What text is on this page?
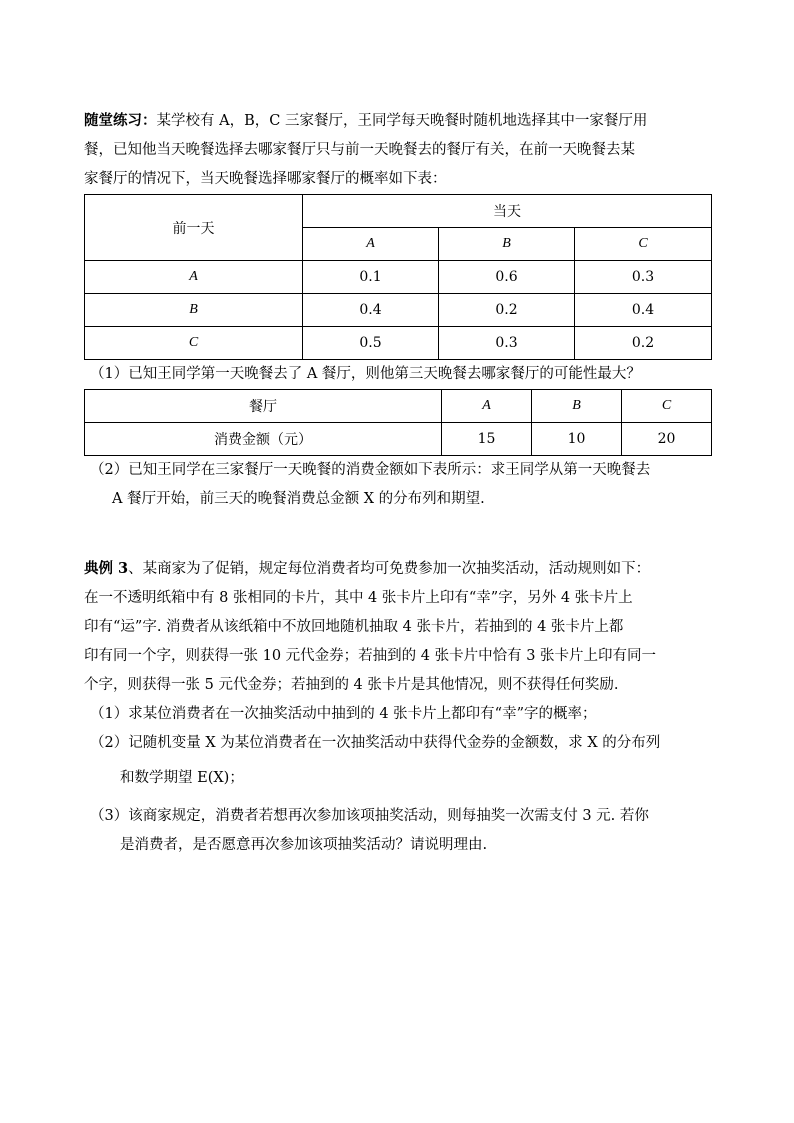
随堂练习：某学校有 A，B，C 三家餐厅，王同学每天晚餐时随机地选择其中一家餐厅用

餐，已知他当天晚餐选择去哪家餐厅只与前一天晚餐去的餐厅有关，在前一天晚餐去某

家餐厅的情况下，当天晚餐选择哪家餐厅的概率如下表：

前一天	当天		
	A	B	C
A	0.1	0.6	0.3
B	0.4	0.2	0.4
C	0.5	0.3	0.2

（1）已知王同学第一天晚餐去了 A 餐厅，则他第三天晚餐去哪家餐厅的可能性最大？

餐厅	A	B	C
消费金额（元）	15	10	20

（2）已知王同学在三家餐厅一天晚餐的消费金额如下表所示：求王同学从第一天晚餐去

A 餐厅开始，前三天的晚餐消费总金额 X 的分布列和期望.

典例 3、某商家为了促销，规定每位消费者均可免费参加一次抽奖活动，活动规则如下：

在一不透明纸箱中有 8 张相同的卡片，其中 4 张卡片上印有“幸”字，另外 4 张卡片上

印有“运”字. 消费者从该纸箱中不放回地随机抽取 4 张卡片，若抽到的 4 张卡片上都

印有同一个字，则获得一张 10 元代金券；若抽到的 4 张卡片中恰有 3 张卡片上印有同一

个字，则获得一张 5 元代金券；若抽到的 4 张卡片是其他情况，则不获得任何奖励.

（1）求某位消费者在一次抽奖活动中抽到的 4 张卡片上都印有“幸”字的概率；

（2）记随机变量 X 为某位消费者在一次抽奖活动中获得代金券的金额数，求 X 的分布列

和数学期望 E(X)；

（3）该商家规定，消费者若想再次参加该项抽奖活动，则每抽奖一次需支付 3 元. 若你

是消费者，是否愿意再次参加该项抽奖活动？请说明理由.
